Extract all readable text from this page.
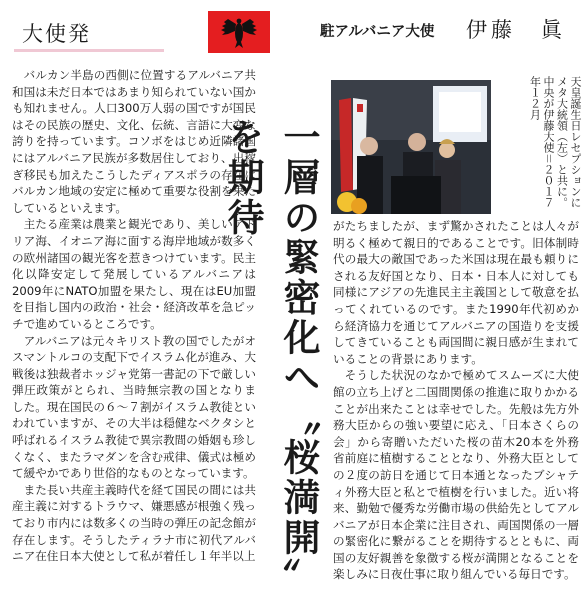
大使発	駐アルバニア大使 伊藤　眞

バルカン半島の西側に位置するアルバニア共和国は未だ日本ではあまり知られていない国かも知れません。人口300万人弱の国ですが国民はその民族の歴史、文化、伝統、言語に大変な誇りを持っています。コソボをはじめ近隣諸国にはアルバニア民族が多数居住しており、出稼ぎ移民も加えたこうしたディアスポラの存在はバルカン地域の安定に極めて重要な役割を果たしているといえます。

主たる産業は農業と観光であり、美しいアドリア海、イオニア海に面する海岸地域が数多くの欧州諸国の観光客を惹きつけています。民主化以降安定して発展しているアルバニアは2009年にNATO加盟を果たし、現在はEU加盟を目指し国内の政治・社会・経済改革を急ピッチで進めているところです。

アルバニアは元々キリスト教の国でしたがオスマントルコの支配下でイスラム化が進み、大戦後は独裁者ホッジャ党第一書記の下で厳しい弾圧政策がとられ、当時無宗教の国となりました。現在国民の６〜７割がイスラム教徒といわれていますが、その大半は穏健なベクタシと呼ばれるイスラム教徒で異宗教間の婚姻も珍しくなく、またラマダンを含む戒律、儀式は極めて緩やかであり世俗的なものとなっています。

また長い共産主義時代を経て国民の間には共産主義に対するトラウマ、嫌悪感が根強く残っており市内には数多くの当時の弾圧の記念館が存在します。そうしたティラナ市に初代アルバニア在住日本大使として私が着任し１年半以上 一層の緊密化へ〝桜満開〟を期待	天皇誕生日レセプションにメタ大統領（左）と共に。中央が伊藤大使＝２０１７年１２月

がたちましたが、まず驚かされたことは人々が明るく極めて親日的であることです。旧体制時代の最大の敵国であった米国は現在最も頼りにされる友好国となり、日本・日本人に対しても同様にアジアの先進民主主義国として敬意を払ってくれているのです。また1990年代初めから経済協力を通じてアルバニアの国造りを支援してきていることも両国間に親日感が生まれていることの背景にあります。

そうした状況のなかで極めてスムーズに大使館の立ち上げと二国間関係の推進に取りかかることが出来たことは幸せでした。先般は先方外務大臣からの強い要望に応え、「日本さくらの会」から寄贈いただいた桜の苗木20本を外務省前庭に植樹することとなり、外務大臣としての２度の訪日を通じて日本通となったブシャティ外務大臣と私とで植樹を行いました。近い将来、勤勉で優秀な労働市場の供給先としてアルバニアが日本企業に注目され、両国関係の一層の緊密化に繋がることを期待するとともに、両国の友好親善を象徴する桜が満開となることを楽しみに日夜仕事に取り組んでいる毎日です。
